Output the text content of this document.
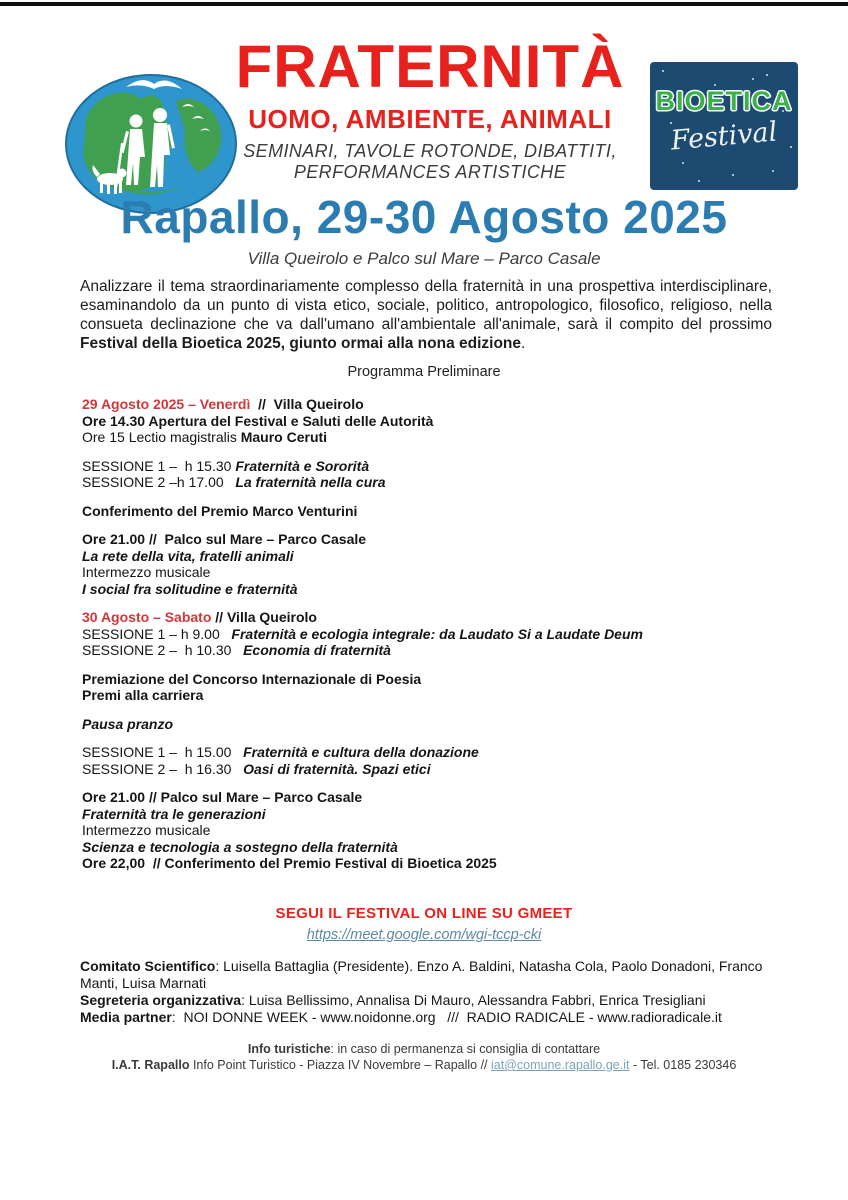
FRATERNITÀ
UOMO, AMBIENTE, ANIMALI
SEMINARI, TAVOLE ROTONDE, DIBATTITI,
PERFORMANCES ARTISTICHE
BIOETICA
Festival
Rapallo, 29-30 Agosto 2025
Villa Queirolo e Palco sul Mare – Parco Casale
Analizzare il tema straordinariamente complesso della fraternità in una prospettiva interdisciplinare, esaminandolo da un punto di vista etico, sociale, politico, antropologico, filosofico, religioso, nella consueta declinazione che va dall'umano all'ambientale all'animale, sarà il compito del prossimo Festival della Bioetica 2025, giunto ormai alla nona edizione.
Programma Preliminare
29 Agosto 2025 – Venerdì  //  Villa Queirolo
Ore 14.30 Apertura del Festival e Saluti delle Autorità
Ore 15 Lectio magistralis Mauro Ceruti
SESSIONE 1 –  h 15.30 Fraternità e Sororità
SESSIONE 2 –h 17.00   La fraternità nella cura
Conferimento del Premio Marco Venturini
Ore 21.00 //  Palco sul Mare – Parco Casale
La rete della vita, fratelli animali
Intermezzo musicale
I social fra solitudine e fraternità
30 Agosto – Sabato // Villa Queirolo
SESSIONE 1 – h 9.00   Fraternità e ecologia integrale: da Laudato Si a Laudate Deum
SESSIONE 2 –  h 10.30   Economia di fraternità
Premiazione del Concorso Internazionale di Poesia
Premi alla carriera
Pausa pranzo
SESSIONE 1 –  h 15.00   Fraternità e cultura della donazione
SESSIONE 2 –  h 16.30   Oasi di fraternità. Spazi etici
Ore 21.00 // Palco sul Mare – Parco Casale
Fraternità tra le generazioni
Intermezzo musicale
Scienza e tecnologia a sostegno della fraternità
Ore 22,00  // Conferimento del Premio Festival di Bioetica 2025
SEGUI IL FESTIVAL ON LINE SU GMEET
https://meet.google.com/wgi-tccp-cki
Comitato Scientifico: Luisella Battaglia (Presidente). Enzo A. Baldini, Natasha Cola, Paolo Donadoni, Franco Manti, Luisa Marnati
Segreteria organizzativa: Luisa Bellissimo, Annalisa Di Mauro, Alessandra Fabbri, Enrica Tresigliani
Media partner:  NOI DONNE WEEK - www.noidonne.org   ///  RADIO RADICALE - www.radioradicale.it
Info turistiche: in caso di permanenza si consiglia di contattare
I.A.T. Rapallo Info Point Turistico - Piazza IV Novembre – Rapallo // iat@comune.rapallo.ge.it - Tel. 0185 230346
